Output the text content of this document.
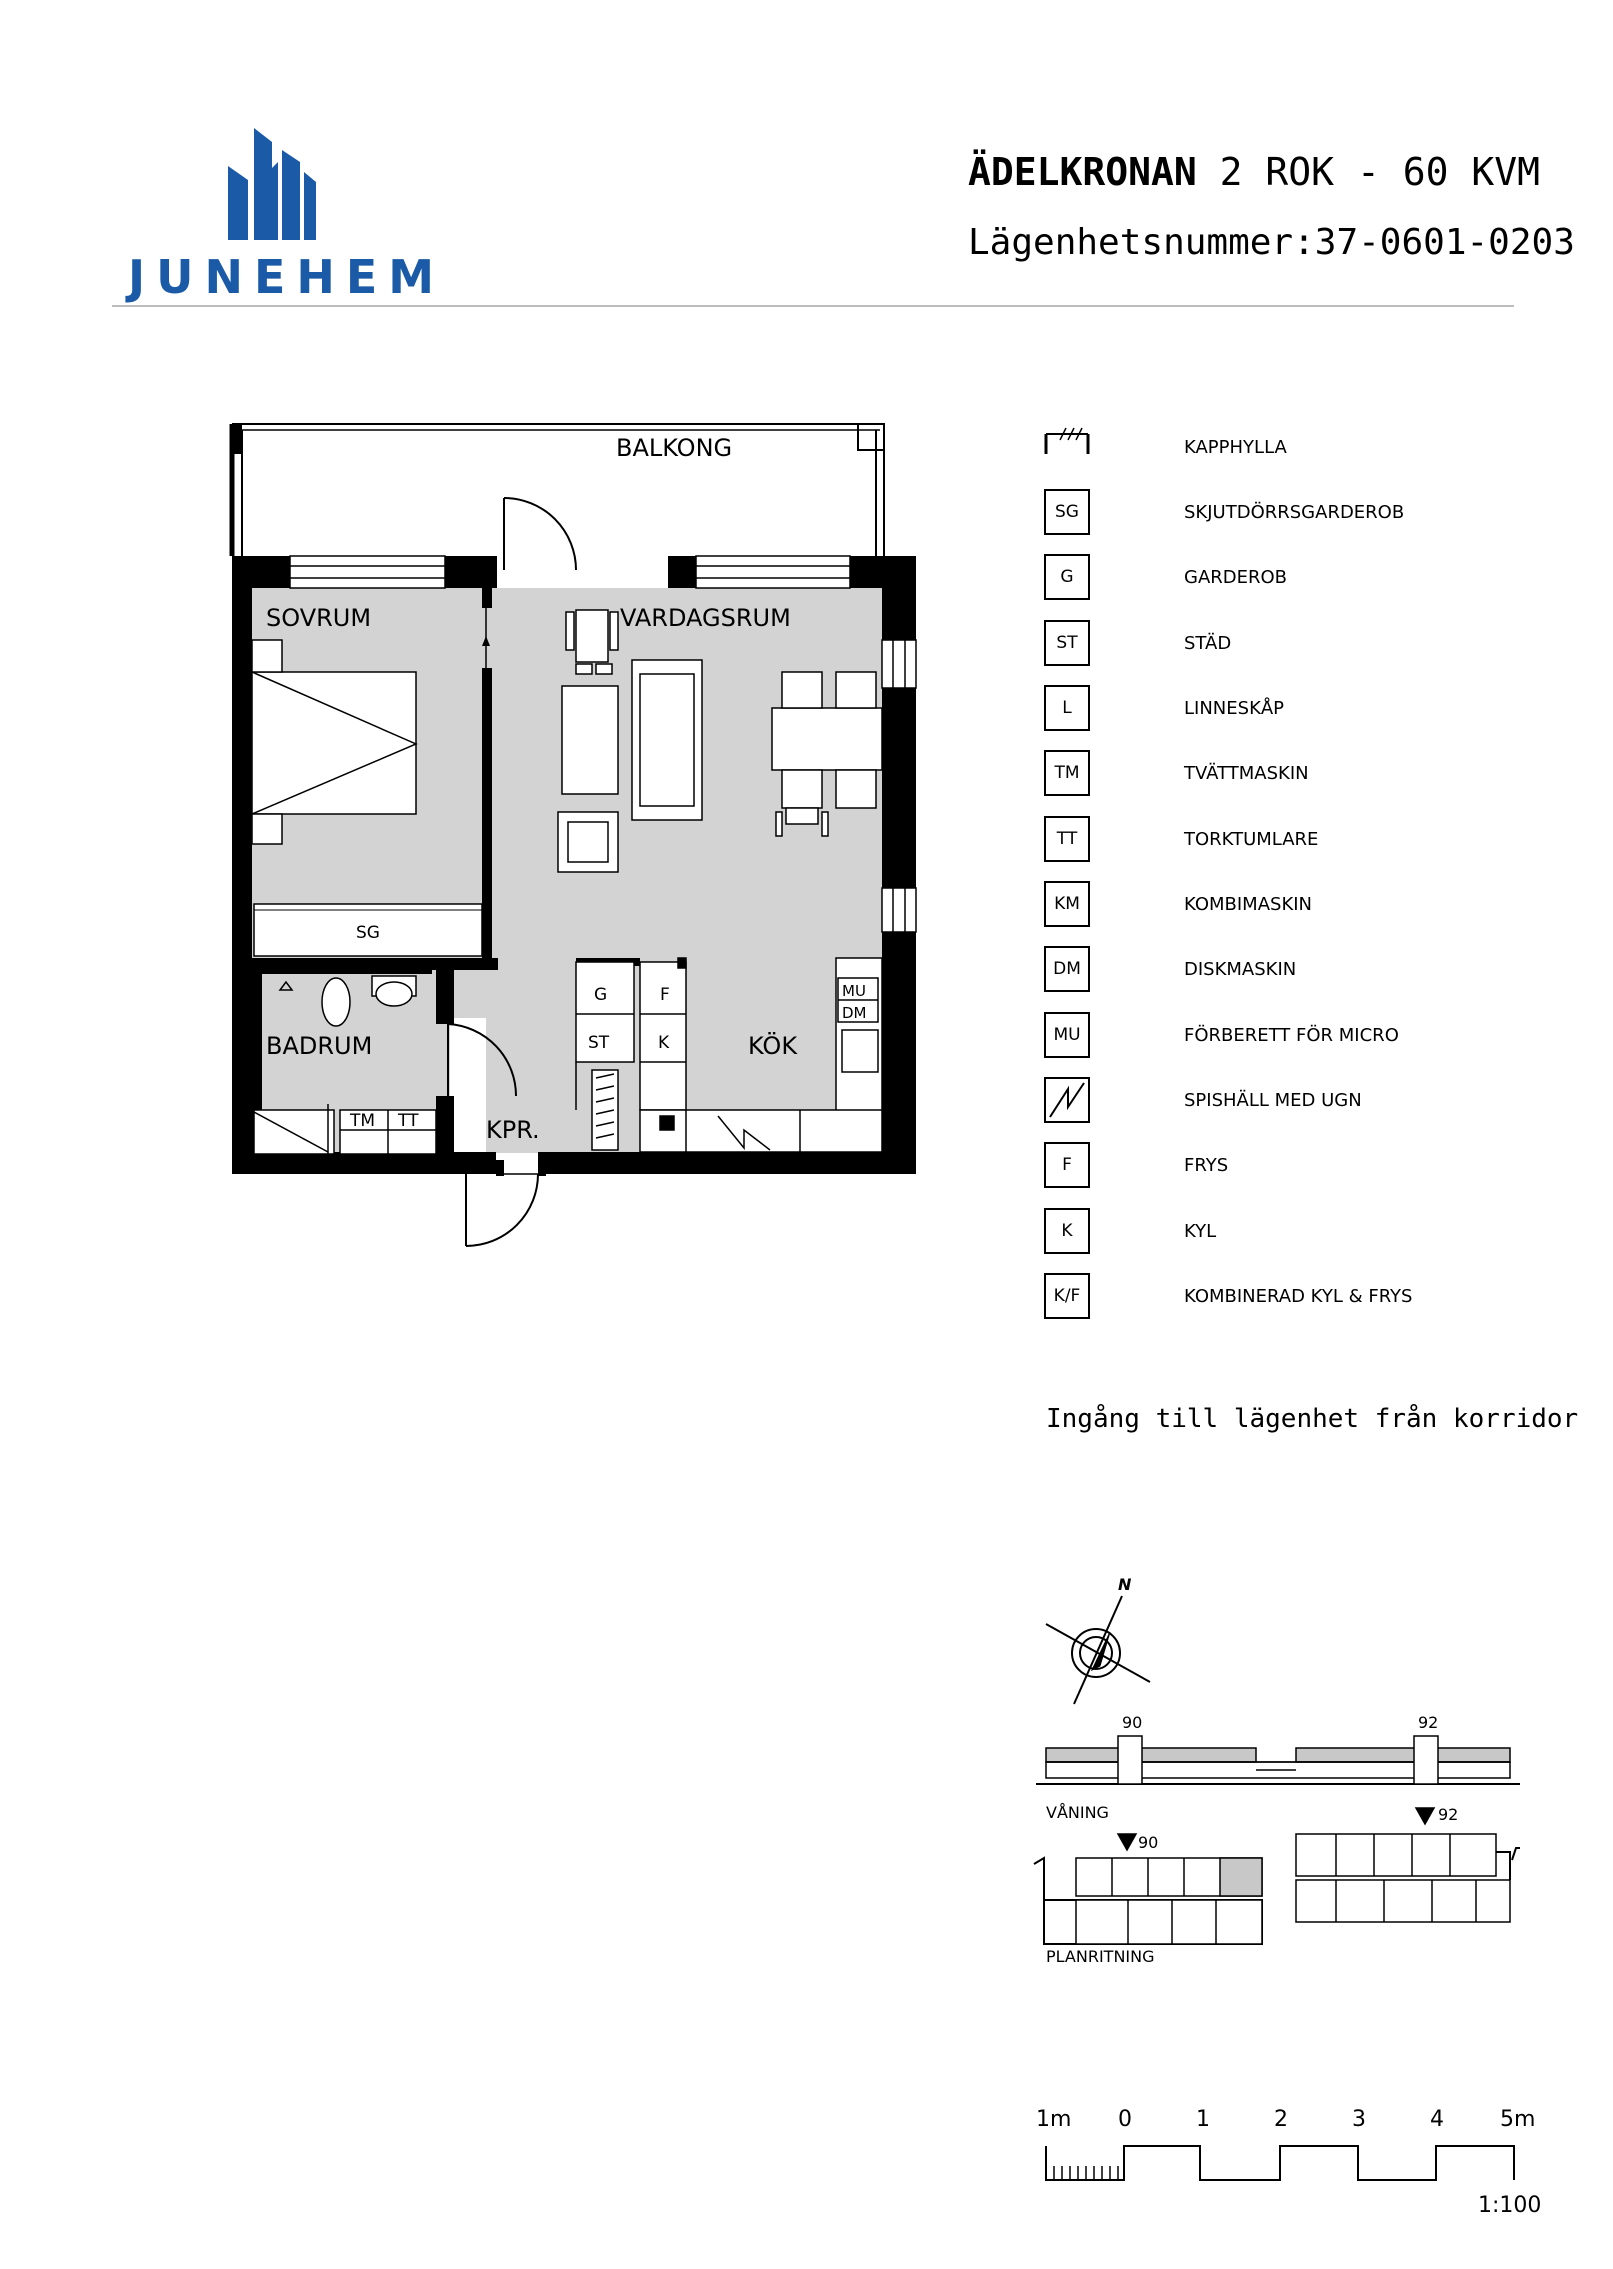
JUNEHEM
ÄDELKRONAN 2 ROK - 60 KVM
Lägenhetsnummer:37-0601-0203
BALKONG
SOVRUM	VARDAGSRUM
BADRUM	KÖK
KPR.
SG
G	F
ST	K
TM TT
MU
DM
KAPPHYLLA
SG	SKJUTDÖRRSGARDEROB
G	GARDEROB
ST	STÄD
L	LINNESKÅP
TM	TVÄTTMASKIN
TT	TORKTUMLARE
KM	KOMBIMASKIN
DM	DISKMASKIN
MU	FÖRBERETT FÖR MICRO
SPISHÄLL MED UGN
F	FRYS
K	KYL
K/F	KOMBINERAD KYL & FRYS
Ingång till lägenhet från korridor
N
90	92
VÅNING
90
92
PLANRITNING
1m 0	1	2	3	4	5m
1:100
